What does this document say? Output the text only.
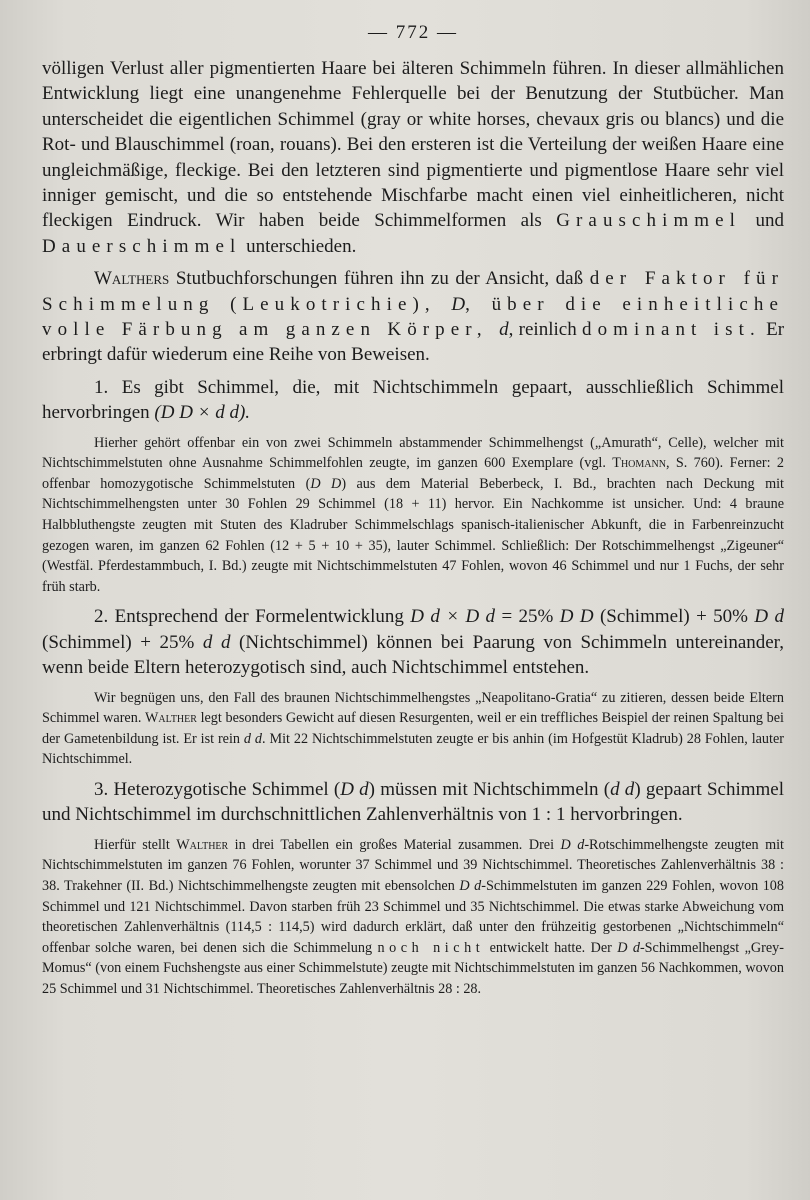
— 772 —

völligen Verlust aller pigmentierten Haare bei älteren Schimmeln führen. In dieser allmählichen Entwicklung liegt eine unangenehme Fehlerquelle bei der Benutzung der Stutbücher. Man unterscheidet die eigentlichen Schimmel (gray or white horses, chevaux gris ou blancs) und die Rot- und Blauschimmel (roan, rouans). Bei den ersteren ist die Verteilung der weißen Haare eine ungleichmäßige, fleckige. Bei den letzteren sind pigmentierte und pigmentlose Haare sehr viel inniger gemischt, und die so entstehende Mischfarbe macht einen viel einheitlicheren, nicht fleckigen Eindruck. Wir haben beide Schimmelformen als Grauschimmel und Dauerschimmel unterschieden.

Walthers Stutbuchforschungen führen ihn zu der Ansicht, daß der Faktor für Schimmelung (Leukotrichie), D, über die einheitliche volle Färbung am ganzen Körper, d, reinlich dominant ist. Er erbringt dafür wiederum eine Reihe von Beweisen.

1. Es gibt Schimmel, die, mit Nichtschimmeln gepaart, ausschließlich Schimmel hervorbringen (D D × d d).

Hierher gehört offenbar ein von zwei Schimmeln abstammender Schimmelhengst („Amurath“, Celle), welcher mit Nichtschimmelstuten ohne Ausnahme Schimmelfohlen zeugte, im ganzen 600 Exemplare (vgl. Thomann, S. 760). Ferner: 2 offenbar homozygotische Schimmelstuten (D D) aus dem Material Beberbeck, I. Bd., brachten nach Deckung mit Nichtschimmelhengsten unter 30 Fohlen 29 Schimmel (18 + 11) hervor. Ein Nachkomme ist unsicher. Und: 4 braune Halbbluthengste zeugten mit Stuten des Kladruber Schimmelschlags spanisch-italienischer Abkunft, die in Farbenreinzucht gezogen waren, im ganzen 62 Fohlen (12 + 5 + 10 + 35), lauter Schimmel. Schließlich: Der Rotschimmelhengst „Zigeuner“ (Westfäl. Pferdestammbuch, I. Bd.) zeugte mit Nichtschimmelstuten 47 Fohlen, wovon 46 Schimmel und nur 1 Fuchs, der sehr früh starb.

2. Entsprechend der Formelentwicklung D d × D d = 25% D D (Schimmel) + 50% D d (Schimmel) + 25% d d (Nichtschimmel) können bei Paarung von Schimmeln untereinander, wenn beide Eltern heterozygotisch sind, auch Nichtschimmel entstehen.

Wir begnügen uns, den Fall des braunen Nichtschimmelhengstes „Neapolitano-Gratia“ zu zitieren, dessen beide Eltern Schimmel waren. Walther legt besonders Gewicht auf diesen Resurgenten, weil er ein treffliches Beispiel der reinen Spaltung bei der Gametenbildung ist. Er ist rein d d. Mit 22 Nichtschimmelstuten zeugte er bis anhin (im Hofgestüt Kladrub) 28 Fohlen, lauter Nichtschimmel.

3. Heterozygotische Schimmel (D d) müssen mit Nichtschimmeln (d d) gepaart Schimmel und Nichtschimmel im durchschnittlichen Zahlenverhältnis von 1 : 1 hervorbringen.

Hierfür stellt Walther in drei Tabellen ein großes Material zusammen. Drei D d-Rotschimmelhengste zeugten mit Nichtschimmelstuten im ganzen 76 Fohlen, worunter 37 Schimmel und 39 Nichtschimmel. Theoretisches Zahlenverhältnis 38 : 38. Trakehner (II. Bd.) Nichtschimmelhengste zeugten mit ebensolchen D d-Schimmelstuten im ganzen 229 Fohlen, wovon 108 Schimmel und 121 Nichtschimmel. Davon starben früh 23 Schimmel und 35 Nichtschimmel. Die etwas starke Abweichung vom theoretischen Zahlenverhältnis (114,5 : 114,5) wird dadurch erklärt, daß unter den frühzeitig gestorbenen „Nichtschimmeln“ offenbar solche waren, bei denen sich die Schimmelung noch nicht entwickelt hatte. Der D d-Schimmelhengst „Grey-Momus“ (von einem Fuchshengste aus einer Schimmelstute) zeugte mit Nichtschimmelstuten im ganzen 56 Nachkommen, wovon 25 Schimmel und 31 Nichtschimmel. Theoretisches Zahlenverhältnis 28 : 28.
